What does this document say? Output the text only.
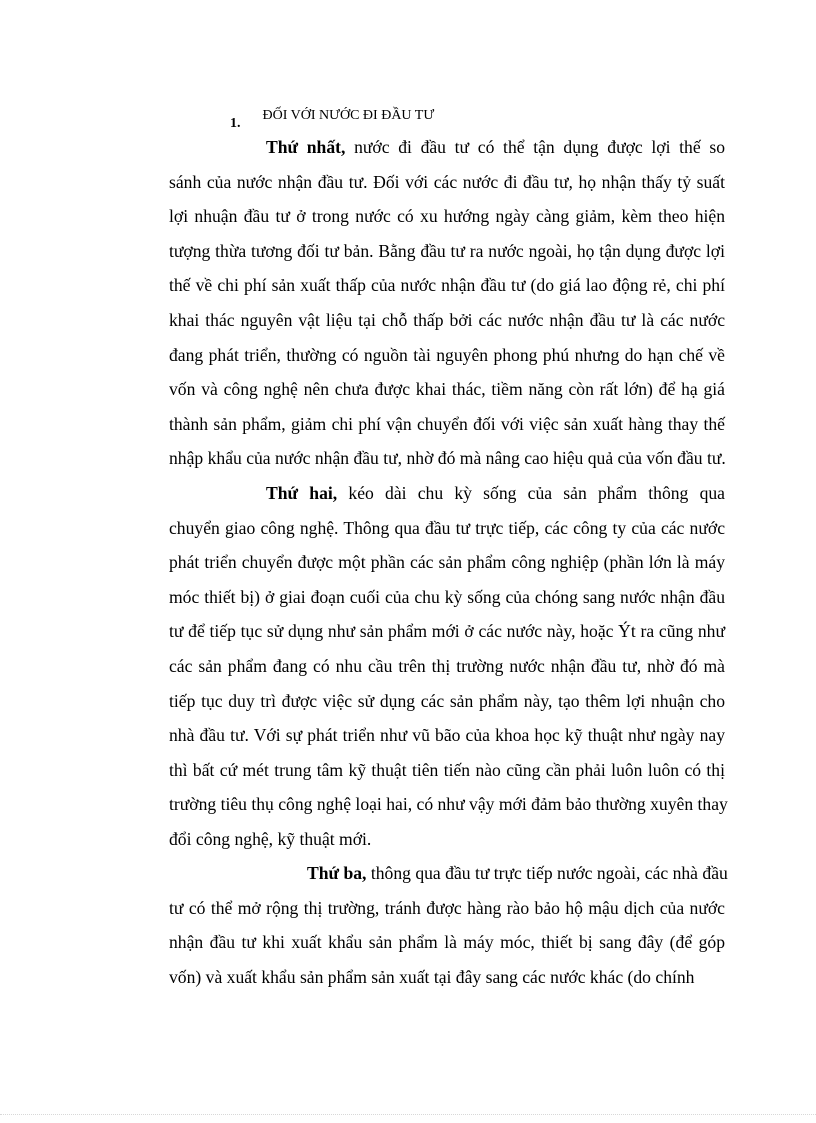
1.ĐỐI VỚI NƯỚC ĐI ĐẦU TƯ
Thứ nhất, nước đi đầu tư có thể tận dụng được lợi thế so
sánh của nước nhận đầu tư. Đối với các nước đi đầu tư, họ nhận thấy tỷ suất
lợi nhuận đầu tư ở trong nước có xu hướng ngày càng giảm, kèm theo hiện
tượng thừa tương đối tư bản. Bằng đầu tư ra nước ngoài, họ tận dụng được lợi
thế về chi phí sản xuất thấp của nước nhận đầu tư (do giá lao động rẻ, chi phí
khai thác nguyên vật liệu tại chỗ thấp bởi các nước nhận đầu tư là các nước
đang phát triển, thường có nguồn tài nguyên phong phú nhưng do hạn chế về
vốn và công nghệ nên chưa được khai thác, tiềm năng còn rất lớn) để hạ giá
thành sản phẩm, giảm chi phí vận chuyển đối với việc sản xuất hàng thay thế
nhập khẩu của nước nhận đầu tư, nhờ đó mà nâng cao hiệu quả của vốn đầu tư.
Thứ hai, kéo dài chu kỳ sống của sản phẩm thông qua
chuyển giao công nghệ. Thông qua đầu tư trực tiếp, các công ty của các nước
phát triển chuyển được một phần các sản phẩm công nghiệp (phần lớn là máy
móc thiết bị) ở giai đoạn cuối của chu kỳ sống của chóng sang nước nhận đầu
tư để tiếp tục sử dụng như sản phẩm mới ở các nước này, hoặc Ýt ra cũng như
các sản phẩm đang có nhu cầu trên thị trường nước nhận đầu tư, nhờ đó mà
tiếp tục duy trì được việc sử dụng các sản phẩm này, tạo thêm lợi nhuận cho
nhà đầu tư. Với sự phát triển như vũ bão của khoa học kỹ thuật như ngày nay
thì bất cứ mét trung tâm kỹ thuật tiên tiến nào cũng cần phải luôn luôn có thị
trường tiêu thụ công nghệ loại hai, có như vậy mới đảm bảo thường xuyên thay
đổi công nghệ, kỹ thuật mới.
Thứ ba, thông qua đầu tư trực tiếp nước ngoài, các nhà đầu
tư có thể mở rộng thị trường, tránh được hàng rào bảo hộ mậu dịch của nước
nhận đầu tư khi xuất khẩu sản phẩm là máy móc, thiết bị sang đây (để góp
vốn) và xuất khẩu sản phẩm sản xuất tại đây sang các nước khác (do chính
